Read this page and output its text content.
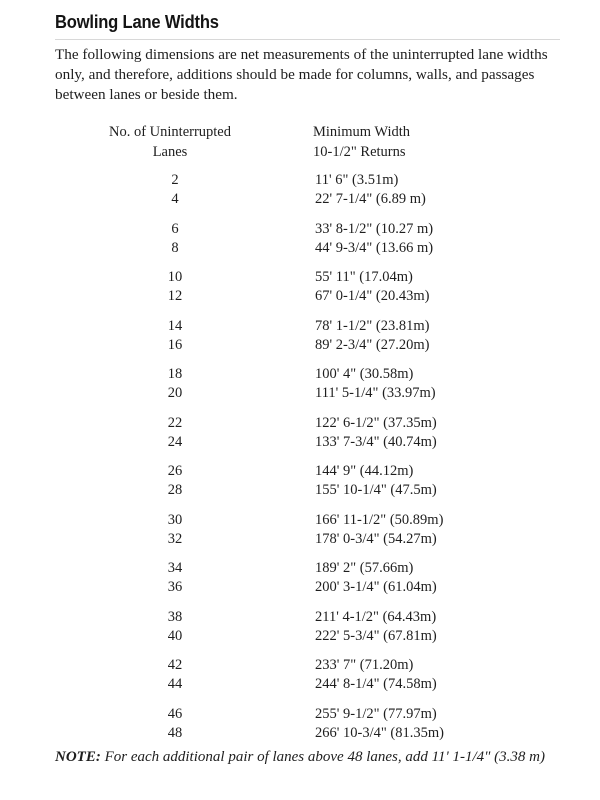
Bowling Lane Widths
The following dimensions are net measurements of the uninterrupted lane widths only, and therefore, additions should be made for columns, walls, and passages between lanes or beside them.
No. of Uninterrupted
Lanes
Minimum Width
10-1/2" Returns
2	11' 6" (3.51m)
4	22' 7-1/4" (6.89 m)
6	33' 8-1/2" (10.27 m)
8	44' 9-3/4" (13.66 m)
10	55' 11" (17.04m)
12	67' 0-1/4" (20.43m)
14	78' 1-1/2" (23.81m)
16	89' 2-3/4" (27.20m)
18	100' 4" (30.58m)
20	111' 5-1/4" (33.97m)
22	122' 6-1/2" (37.35m)
24	133' 7-3/4" (40.74m)
26	144' 9" (44.12m)
28	155' 10-1/4" (47.5m)
30	166' 11-1/2" (50.89m)
32	178' 0-3/4" (54.27m)
34	189' 2" (57.66m)
36	200' 3-1/4" (61.04m)
38	211' 4-1/2" (64.43m)
40	222' 5-3/4" (67.81m)
42	233' 7" (71.20m)
44	244' 8-1/4" (74.58m)
46	255' 9-1/2" (77.97m)
48	266' 10-3/4" (81.35m)
NOTE: For each additional pair of lanes above 48 lanes, add 11' 1-1/4" (3.38 m)
